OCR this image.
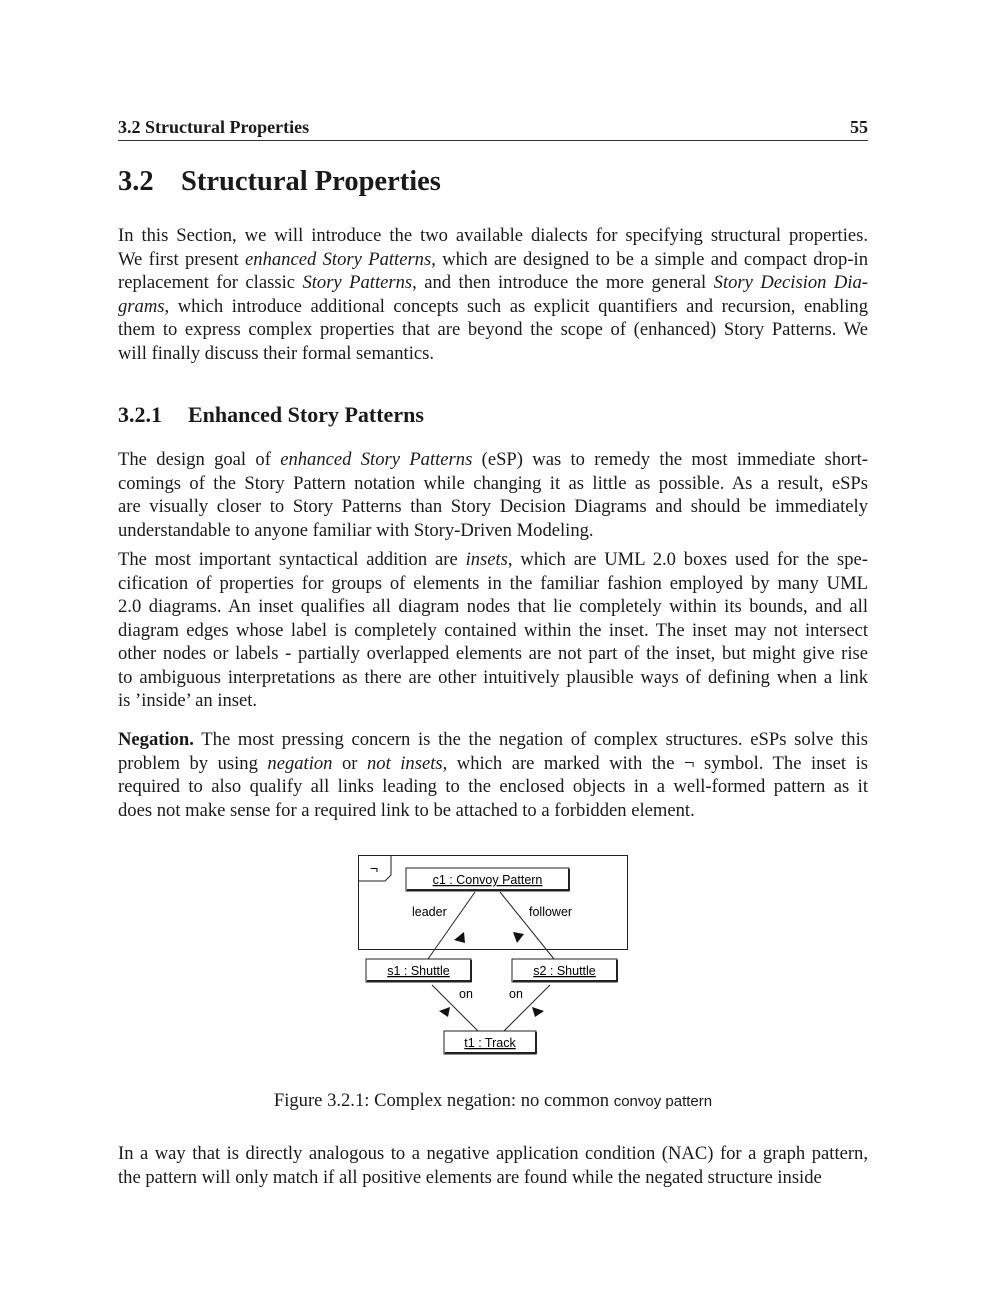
3.2 Structural Properties	55
3.2 Structural Properties
In this Section, we will introduce the two available dialects for specifying structural properties.
We first present enhanced Story Patterns, which are designed to be a simple and compact drop-in
replacement for classic Story Patterns, and then introduce the more general Story Decision Dia-
grams, which introduce additional concepts such as explicit quantifiers and recursion, enabling
them to express complex properties that are beyond the scope of (enhanced) Story Patterns. We
will finally discuss their formal semantics.
3.2.1 Enhanced Story Patterns
The design goal of enhanced Story Patterns (eSP) was to remedy the most immediate short-
comings of the Story Pattern notation while changing it as little as possible. As a result, eSPs
are visually closer to Story Patterns than Story Decision Diagrams and should be immediately
understandable to anyone familiar with Story-Driven Modeling.
The most important syntactical addition are insets, which are UML 2.0 boxes used for the spe-
cification of properties for groups of elements in the familiar fashion employed by many UML
2.0 diagrams. An inset qualifies all diagram nodes that lie completely within its bounds, and all
diagram edges whose label is completely contained within the inset. The inset may not intersect
other nodes or labels - partially overlapped elements are not part of the inset, but might give rise
to ambiguous interpretations as there are other intuitively plausible ways of defining when a link
is ’inside’ an inset.
Negation. The most pressing concern is the the negation of complex structures. eSPs solve this
problem by using negation or not insets, which are marked with the ¬ symbol. The inset is
required to also qualify all links leading to the enclosed objects in a well-formed pattern as it
does not make sense for a required link to be attached to a forbidden element.
¬
leader	follower
on	on
c1 : Convoy Pattern
s1 : Shuttle	s2 : Shuttle
t1 : Track
Figure 3.2.1: Complex negation: no common convoy pattern
In a way that is directly analogous to a negative application condition (NAC) for a graph pattern,
the pattern will only match if all positive elements are found while the negated structure inside
